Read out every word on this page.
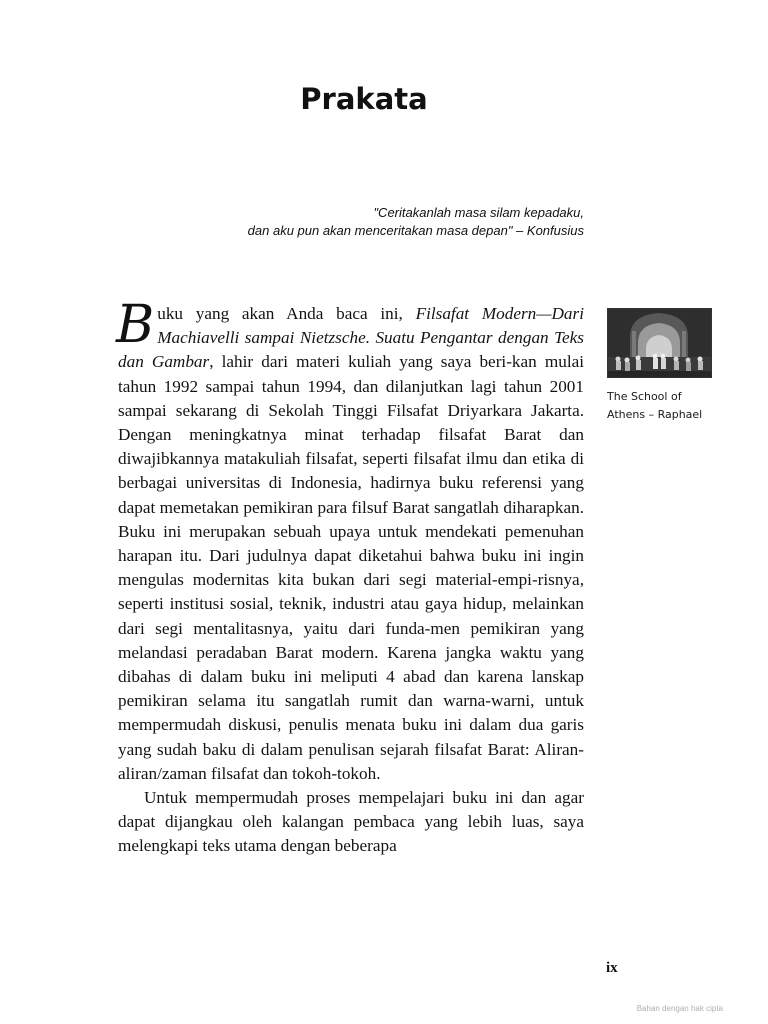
Prakata
"Ceritakanlah masa silam kepadaku,
dan aku pun akan menceritakan masa depan" – Konfusius

Buku yang akan Anda baca ini, Filsafat Modern—Dari Machiavelli sampai Nietzsche. Suatu Pengantar dengan Teks dan Gambar, lahir dari materi kuliah yang saya beri-kan mulai tahun 1992 sampai tahun 1994, dan dilanjutkan lagi tahun 2001 sampai sekarang di Sekolah Tinggi Filsafat Driyarkara Jakarta. Dengan meningkatnya minat terhadap filsafat Barat dan diwajibkannya matakuliah filsafat, seperti filsafat ilmu dan etika di berbagai universitas di Indonesia, hadirnya buku referensi yang dapat memetakan pemikiran para filsuf Barat sangatlah diharapkan. Buku ini merupakan sebuah upaya untuk mendekati pemenuhan harapan itu. Dari judulnya dapat diketahui bahwa buku ini ingin mengulas modernitas kita bukan dari segi material-empi-risnya, seperti institusi sosial, teknik, industri atau gaya hidup, melainkan dari segi mentalitasnya, yaitu dari funda-men pemikiran yang melandasi peradaban Barat modern. Karena jangka waktu yang dibahas di dalam buku ini meliputi 4 abad dan karena lanskap pemikiran selama itu sangatlah rumit dan warna-warni, untuk mempermudah diskusi, penulis menata buku ini dalam dua garis yang sudah baku di dalam penulisan sejarah filsafat Barat: Aliran-aliran/zaman filsafat dan tokoh-tokoh.

Untuk mempermudah proses mempelajari buku ini dan agar dapat dijangkau oleh kalangan pembaca yang lebih luas, saya melengkapi teks utama dengan beberapa

The School of
Athens – Raphael
ix
Bahan dengan hak cipta
